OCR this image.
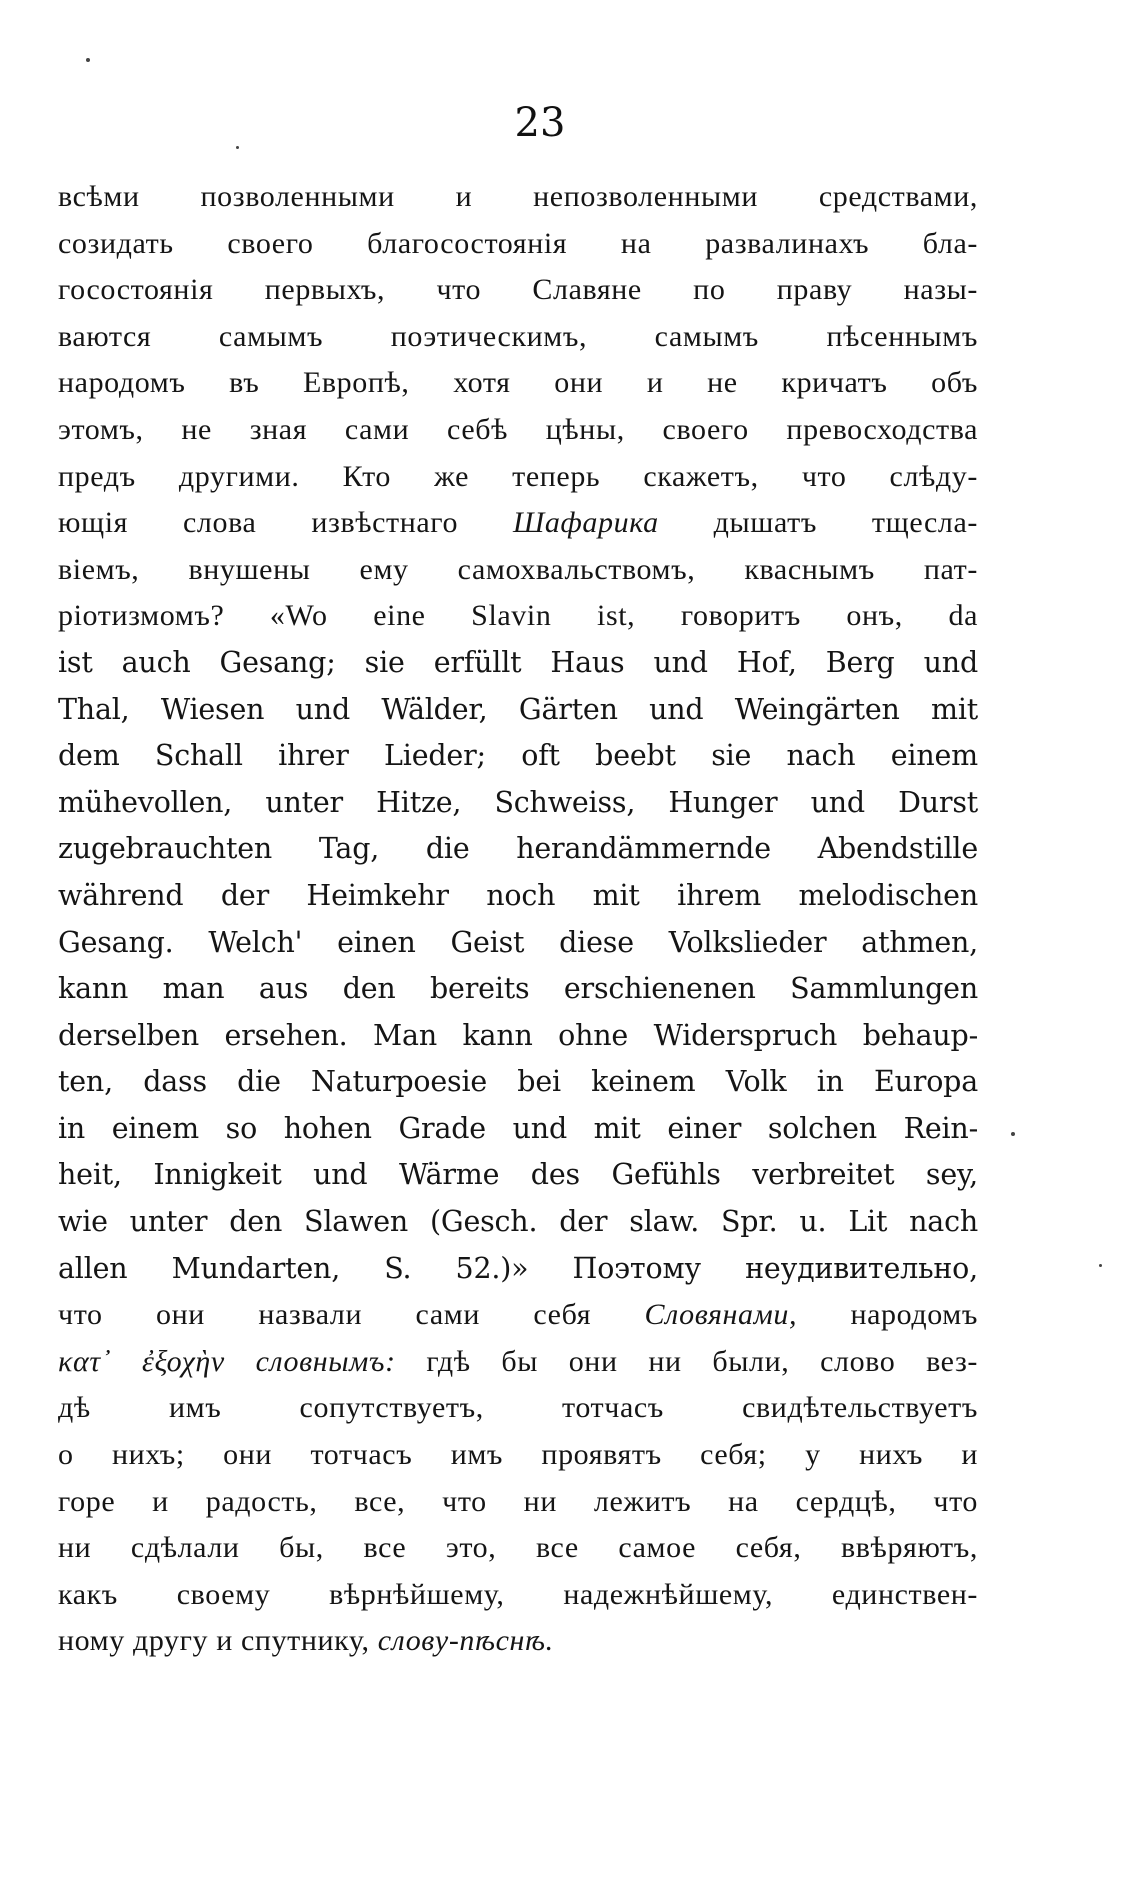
23
всѣми позволенными и непозволенными средствами,
созидать своего благосостоянія на развалинахъ бла-
госостоянія первыхъ, что Славяне по праву назы-
ваются самымъ поэтическимъ, самымъ пѣсеннымъ
народомъ въ Европѣ, хотя они и не кричатъ объ
этомъ, не зная сами себѣ цѣны, своего превосходства
предъ другими. Кто же теперь скажетъ, что слѣду-
ющія слова извѣстнаго Шафарика дышатъ тщесла-
віемъ, внушены ему самохвальствомъ, кваснымъ пат-
ріотизмомъ? «Wo eine Slavin ist, говоритъ онъ, da
ist auch Gesang; sie erfüllt Haus und Hof, Berg und
Thal, Wiesen und Wälder, Gärten und Weingärten mit
dem Schall ihrer Lieder; oft beebt sie nach einem
mühevollen, unter Hitze, Schweiss, Hunger und Durst
zugebrauchten Tag, die herandämmernde Abendstille
während der Heimkehr noch mit ihrem melodischen
Gesang. Welch' einen Geist diese Volkslieder athmen,
kann man aus den bereits erschienenen Sammlungen
derselben ersehen. Man kann ohne Widerspruch behaup-
ten, dass die Naturpoesie bei keinem Volk in Europa
in einem so hohen Grade und mit einer solchen Rein-
heit, Innigkeit und Wärme des Gefühls verbreitet sey,
wie unter den Slawen (Gesch. der slaw. Spr. u. Lit nach
allen Mundarten, S. 52.)» Поэтому неудивительно,
что они назвали сами себя Словянами, народомъ
κατ᾽ ἐξοχὴν словнымъ: гдѣ бы они ни были, слово вез-
дѣ имъ сопутствуетъ, тотчасъ свидѣтельствуетъ
о нихъ; они тотчасъ имъ проявятъ себя; у нихъ и
горе и радость, все, что ни лежитъ на сердцѣ, что
ни сдѣлали бы, все это, все самое себя, ввѣряютъ,
какъ своему вѣрнѣйшему, надежнѣйшему, единствен-
ному другу и спутнику, слову-пѣснѣ.
